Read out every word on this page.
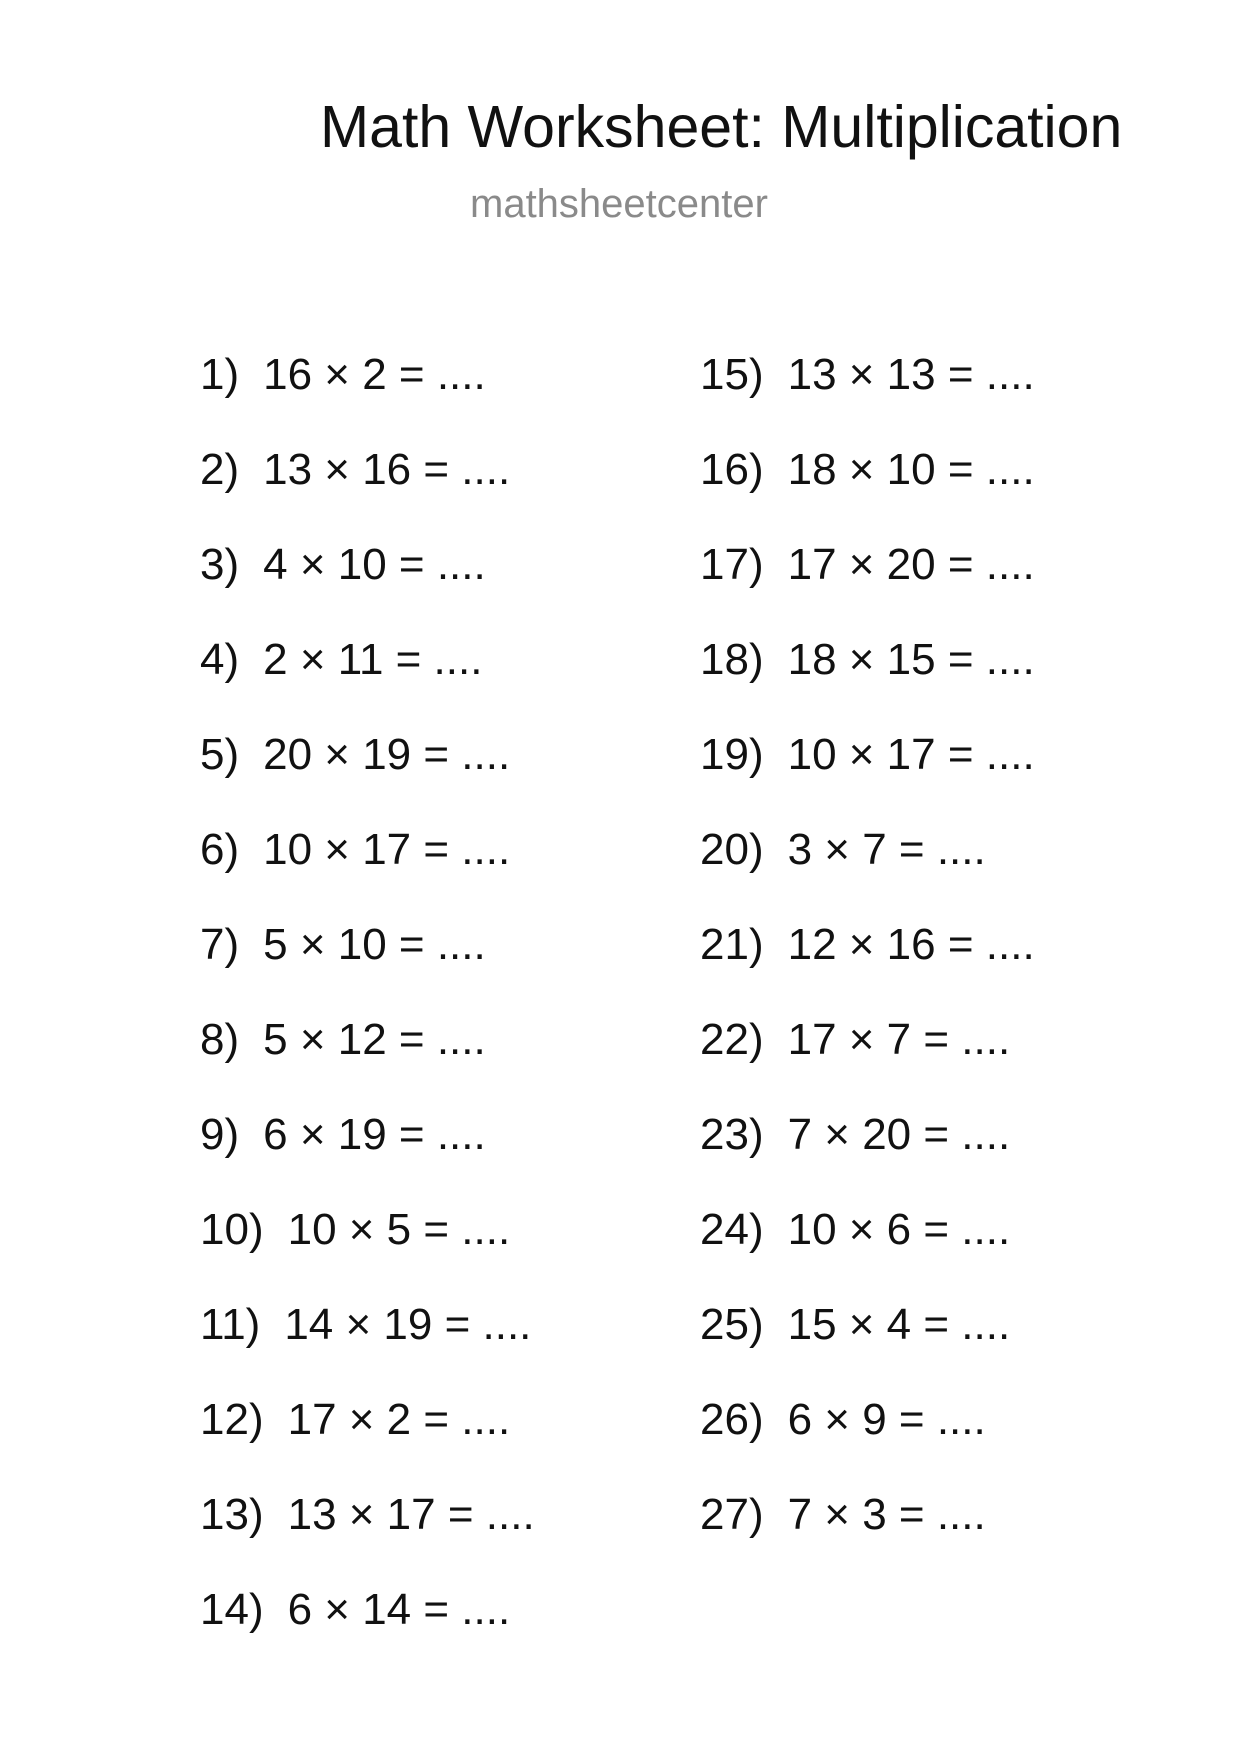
Math Worksheet: Multiplication
mathsheetcenter
1) 16 × 2 = ....
2) 13 × 16 = ....
3) 4 × 10 = ....
4) 2 × 11 = ....
5) 20 × 19 = ....
6) 10 × 17 = ....
7) 5 × 10 = ....
8) 5 × 12 = ....
9) 6 × 19 = ....
10) 10 × 5 = ....
11) 14 × 19 = ....
12) 17 × 2 = ....
13) 13 × 17 = ....
14) 6 × 14 = ....
15) 13 × 13 = ....
16) 18 × 10 = ....
17) 17 × 20 = ....
18) 18 × 15 = ....
19) 10 × 17 = ....
20) 3 × 7 = ....
21) 12 × 16 = ....
22) 17 × 7 = ....
23) 7 × 20 = ....
24) 10 × 6 = ....
25) 15 × 4 = ....
26) 6 × 9 = ....
27) 7 × 3 = ....
